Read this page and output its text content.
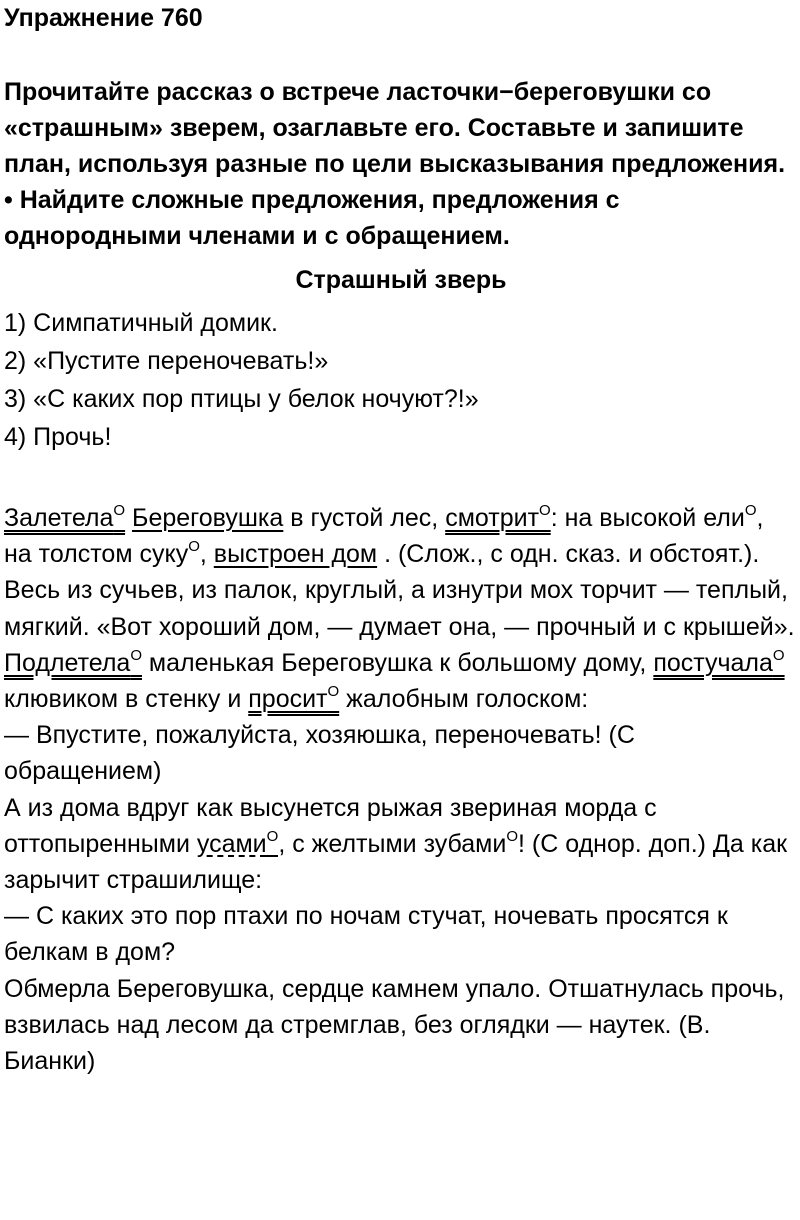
Упражнение 760

Прочитайте рассказ о встрече ласточки−береговушки со «страшным» зверем, озаглавьте его. Составьте и запишите план, используя разные по цели высказывания предложения.

• Найдите сложные предложения, предложения с однородными членами и с обращением.

Страшный зверь
1) Симпатичный домик.
2) «Пустите переночевать!»
3) «С каких пор птицы у белок ночуют?!»
4) Прочь!

Залетела$^O$ Береговушка в густой лес, смотрит$^O$: на высокой ели$^O$, на толстом суку$^O$, выстроен дом . (Слож., с одн. сказ. и обстоят.). Весь из сучьев, из палок, круглый, а изнутри мох торчит — теплый, мягкий. «Вот хороший дом, — думает она, — прочный и с крышей».

Подлетела$^O$ маленькая Береговушка к большому дому, постучала$^O$ клювиком в стенку и просит$^O$ жалобным голоском:

— Впустите, пожалуйста, хозяюшка, переночевать! (С обращением)

А из дома вдруг как высунется рыжая звериная морда с оттопыренными усами$^O$, с желтыми зубами$^O$! (С однор. доп.) Да как зарычит страшилище:

— С каких это пор птахи по ночам стучат, ночевать просятся к белкам в дом?

Обмерла Береговушка, сердце камнем упало. Отшатнулась прочь, взвилась над лесом да стремглав, без оглядки — наутек. (В. Бианки)
